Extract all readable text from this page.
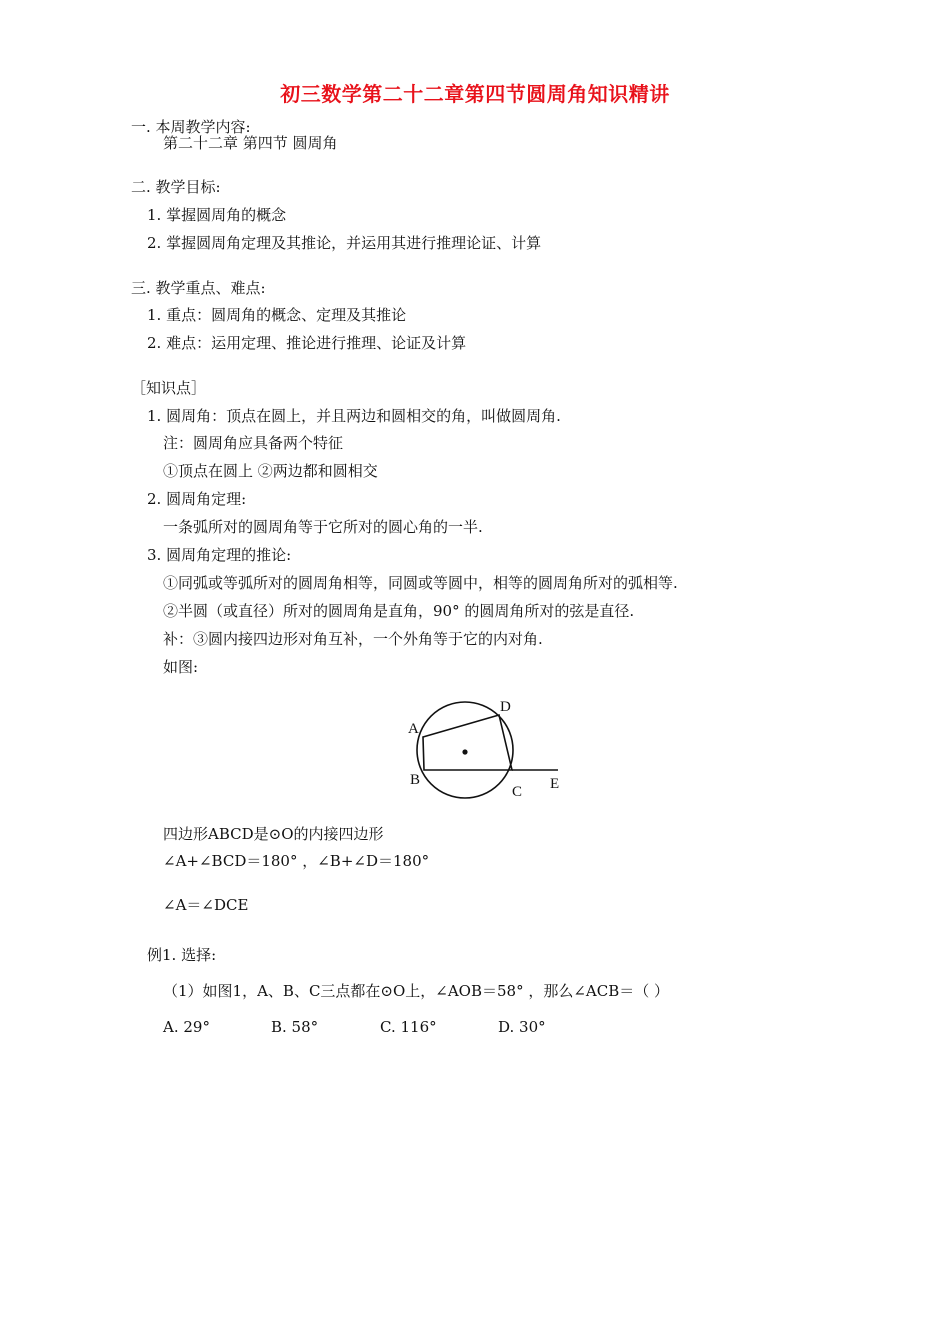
初三数学第二十二章第四节圆周角知识精讲
一. 本周教学内容:
第二十二章 第四节 圆周角
二. 教学目标:
1. 掌握圆周角的概念
2. 掌握圆周角定理及其推论，并运用其进行推理论证、计算
三. 教学重点、难点:
1. 重点：圆周角的概念、定理及其推论
2. 难点：运用定理、推论进行推理、论证及计算
［知识点］
1. 圆周角：顶点在圆上，并且两边和圆相交的角，叫做圆周角.
注：圆周角应具备两个特征
①顶点在圆上 ②两边都和圆相交
2. 圆周角定理:
一条弧所对的圆周角等于它所对的圆心角的一半.
3. 圆周角定理的推论:
①同弧或等弧所对的圆周角相等，同圆或等圆中，相等的圆周角所对的弧相等.
②半圆（或直径）所对的圆周角是直角，90° 的圆周角所对的弦是直径.
补：③圆内接四边形对角互补，一个外角等于它的内对角.
如图:
A
B
C
D
E
四边形ABCD是⊙O的内接四边形
∠A+∠BCD＝180° ，∠B+∠D＝180°
∠A＝∠DCE
例1. 选择:
（1）如图1，A、B、C三点都在⊙O上，∠AOB＝58° ，那么∠ACB＝（ ）
A. 29°	B. 58°	C. 116°	D. 30°
